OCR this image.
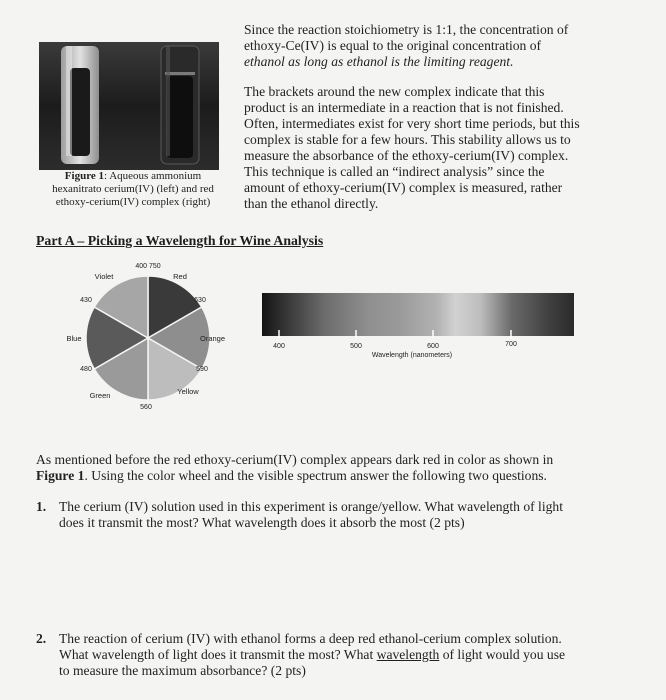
Figure 1: Aqueous ammonium
hexanitrato cerium(IV) (left) and red
ethoxy-cerium(IV) complex (right)
Since the reaction stoichiometry is 1:1, the concentration of
ethoxy-Ce(IV) is equal to the original concentration of
ethanol as long as ethanol is the limiting reagent.
The brackets around the new complex indicate that this
product is an intermediate in a reaction that is not finished.
Often, intermediates exist for very short time periods, but this
complex is stable for a few hours. This stability allows us to
measure the absorbance of the ethoxy-cerium(IV) complex.
This technique is called an “indirect analysis” since the
amount of ethoxy-cerium(IV) complex is measured, rather
than the ethanol directly.
Part A – Picking a Wavelength for Wine Analysis
400 750
Violet	Red
430	630
Blue	Orange
480	590
Green	Yellow
560
400	500	600	700
Wavelength (nanometers)
As mentioned before the red ethoxy-cerium(IV) complex appears dark red in color as shown in
Figure 1. Using the color wheel and the visible spectrum answer the following two questions.
1. The cerium (IV) solution used in this experiment is orange/yellow. What wavelength of light
does it transmit the most? What wavelength does it absorb the most (2 pts)
2. The reaction of cerium (IV) with ethanol forms a deep red ethanol-cerium complex solution.
What wavelength of light does it transmit the most? What wavelength of light would you use
to measure the maximum absorbance? (2 pts)
